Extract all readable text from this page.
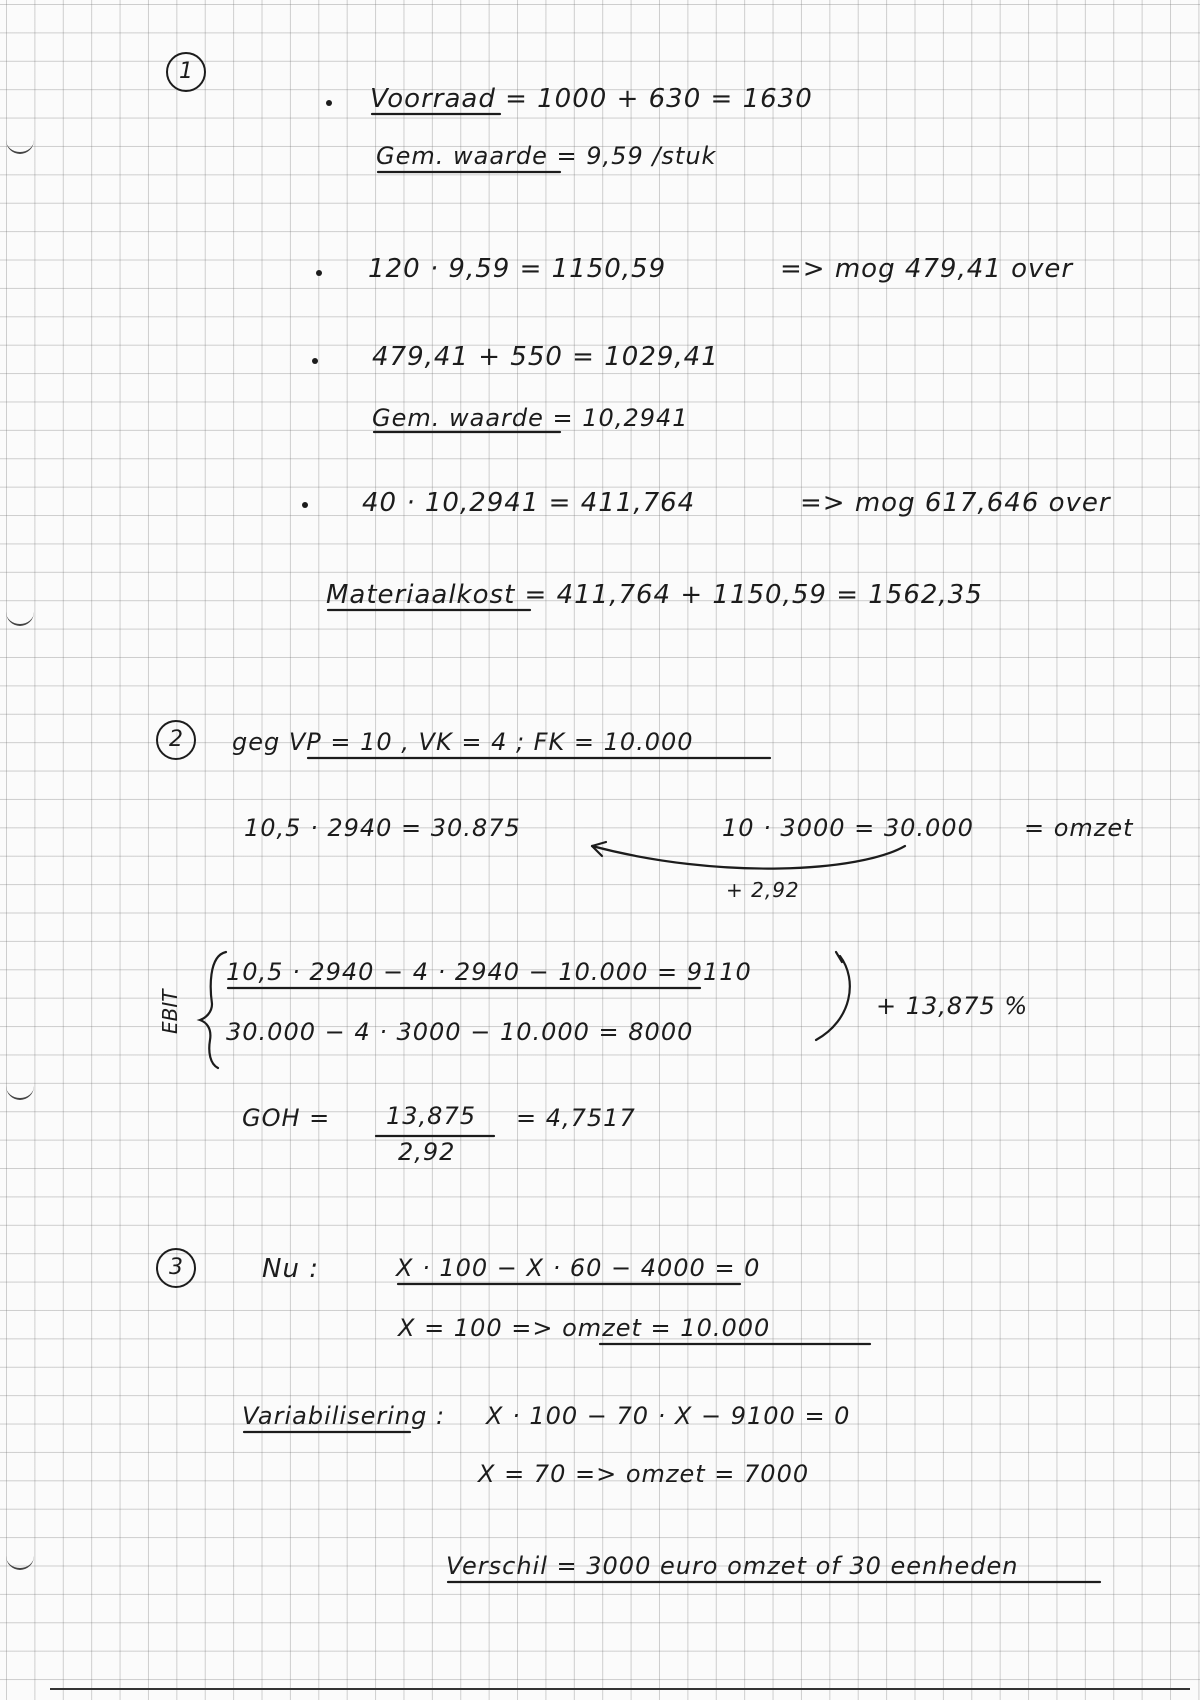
1
Voorraad = 1000 + 630 = 1630
Gem. waarde = 9,59 /stuk
120 · 9,59 = 1150,59	=> mog 479,41 over
479,41 + 550 = 1029,41
Gem. waarde = 10,2941
40 · 10,2941 = 411,764	=> mog 617,646 over
Materiaalkost = 411,764 + 1150,59 = 1562,35
2	geg VP = 10 , VK = 4 ; FK = 10.000
10,5 · 2940 = 30.875	10 · 3000 = 30.000 = omzet
+ 2,92
EBIT
10,5 · 2940 − 4 · 2940 − 10.000 = 9110
30.000 − 4 · 3000 − 10.000 = 8000
+ 13,875 %
GOH = 13,875
2,92
= 4,7517
3	Nu :	X · 100 − X · 60 − 4000 = 0
X = 100 => omzet = 10.000
Variabilisering : X · 100 − 70 · X − 9100 = 0
X = 70 => omzet = 7000
Verschil = 3000 euro omzet of 30 eenheden
